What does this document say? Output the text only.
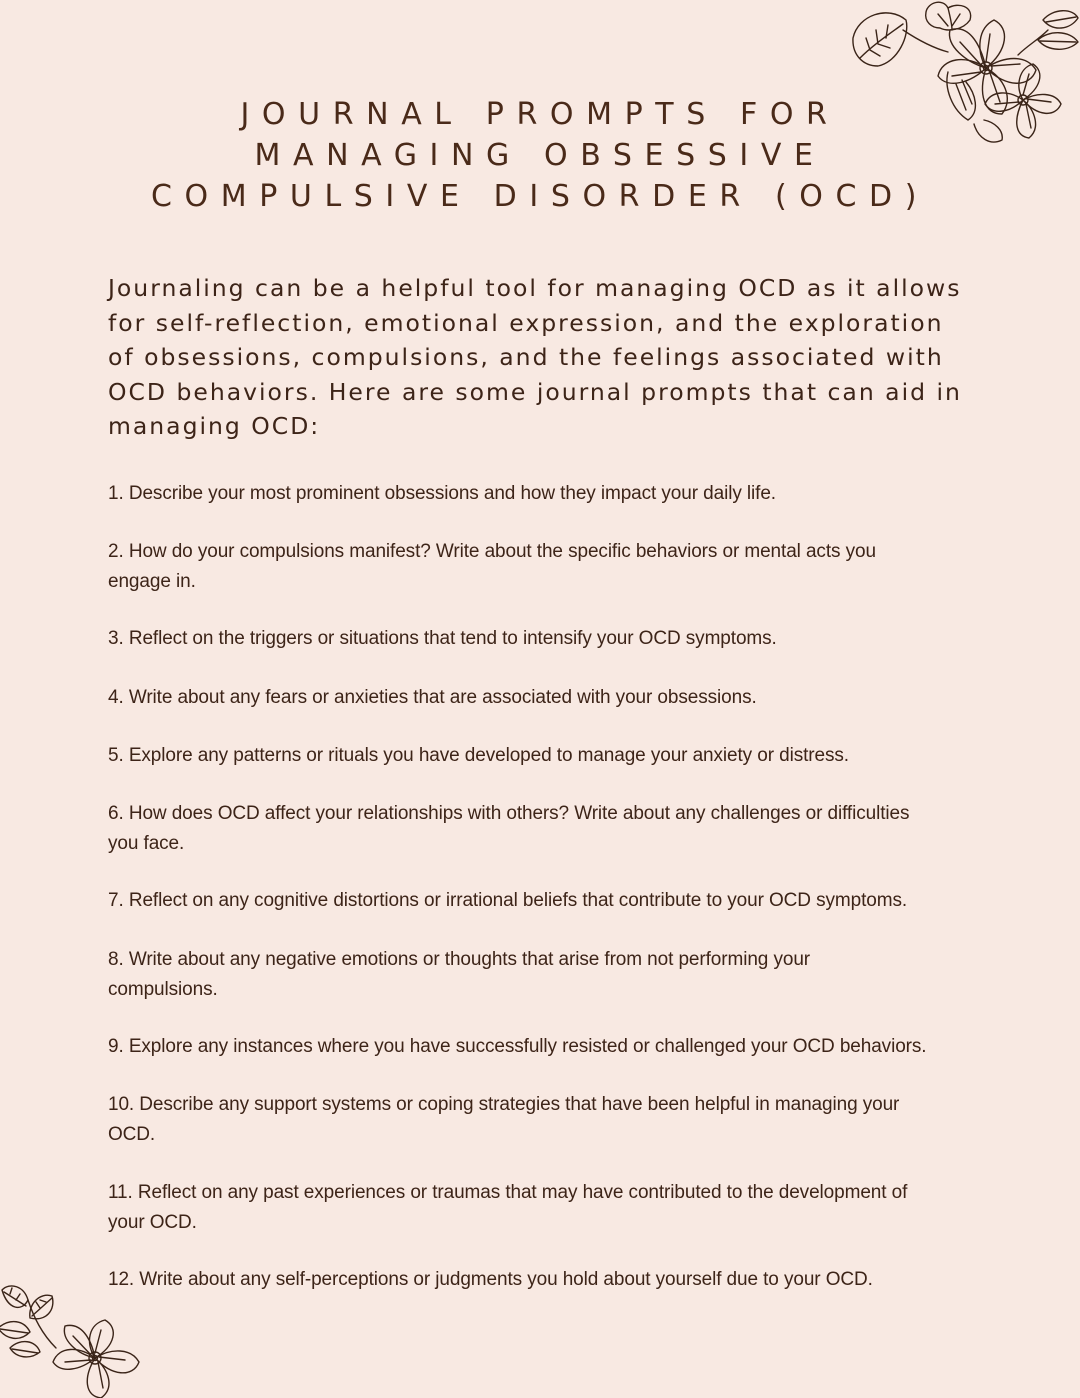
JOURNAL PROMPTS FOR
MANAGING OBSESSIVE
COMPULSIVE DISORDER (OCD)
Journaling can be a helpful tool for managing OCD as it allows
for self-reflection, emotional expression, and the exploration
of obsessions, compulsions, and the feelings associated with
OCD behaviors. Here are some journal prompts that can aid in
managing OCD:
1. Describe your most prominent obsessions and how they impact your daily life.
2. How do your compulsions manifest? Write about the specific behaviors or mental acts you
engage in.
3. Reflect on the triggers or situations that tend to intensify your OCD symptoms.
4. Write about any fears or anxieties that are associated with your obsessions.
5. Explore any patterns or rituals you have developed to manage your anxiety or distress.
6. How does OCD affect your relationships with others? Write about any challenges or difficulties
you face.
7. Reflect on any cognitive distortions or irrational beliefs that contribute to your OCD symptoms.
8. Write about any negative emotions or thoughts that arise from not performing your
compulsions.
9. Explore any instances where you have successfully resisted or challenged your OCD behaviors.
10. Describe any support systems or coping strategies that have been helpful in managing your
OCD.
11. Reflect on any past experiences or traumas that may have contributed to the development of
your OCD.
12. Write about any self-perceptions or judgments you hold about yourself due to your OCD.
